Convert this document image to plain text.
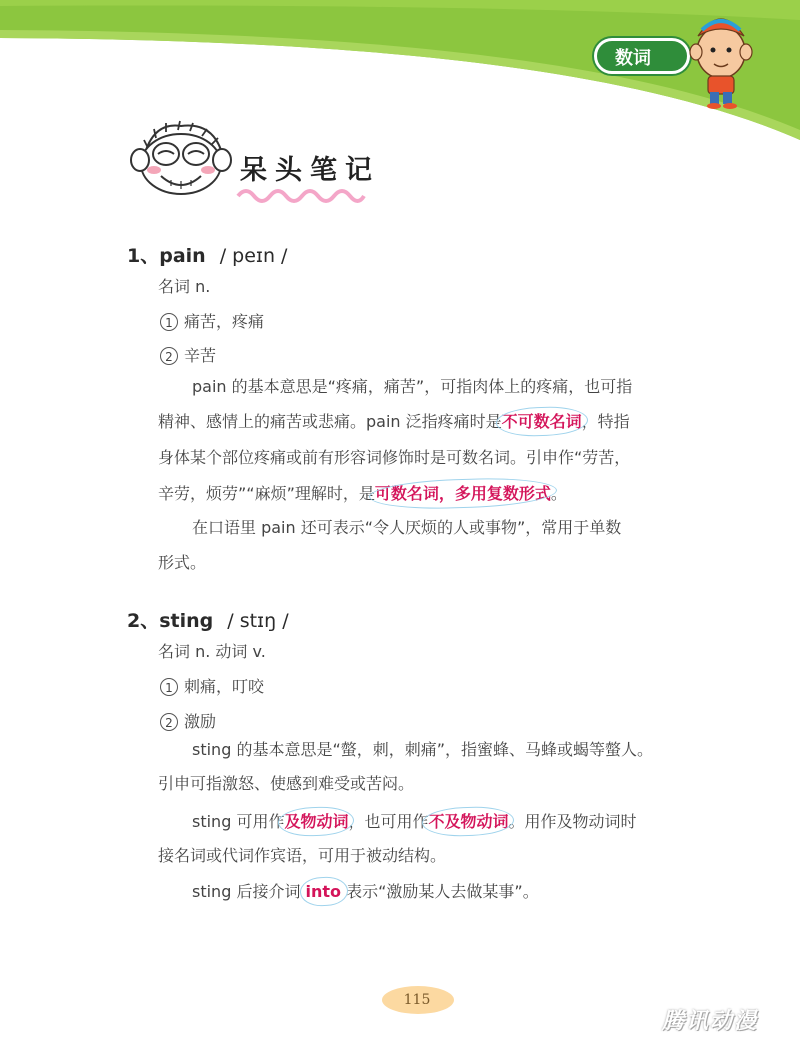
数词
呆头笔记
1、pain / peɪn /
名词 n.
1 痛苦，疼痛
2 辛苦
pain 的基本意思是“疼痛，痛苦”，可指肉体上的疼痛，也可指
精神、感情上的痛苦或悲痛。pain 泛指疼痛时是不可数名词，特指
身体某个部位疼痛或前有形容词修饰时是可数名词。引申作“劳苦，
辛劳，烦劳”“麻烦”理解时，是可数名词，多用复数形式。
在口语里 pain 还可表示“令人厌烦的人或事物”，常用于单数
形式。
2、sting / stɪŋ /
名词 n. 动词 v.
1 刺痛，叮咬
2 激励
sting 的基本意思是“螫，刺，刺痛”，指蜜蜂、马蜂或蝎等螫人。
引申可指激怒、使感到难受或苦闷。
sting 可用作及物动词，也可用作不及物动词。用作及物动词时
接名词或代词作宾语，可用于被动结构。
sting 后接介词 into 表示“激励某人去做某事”。
115
腾讯动漫
